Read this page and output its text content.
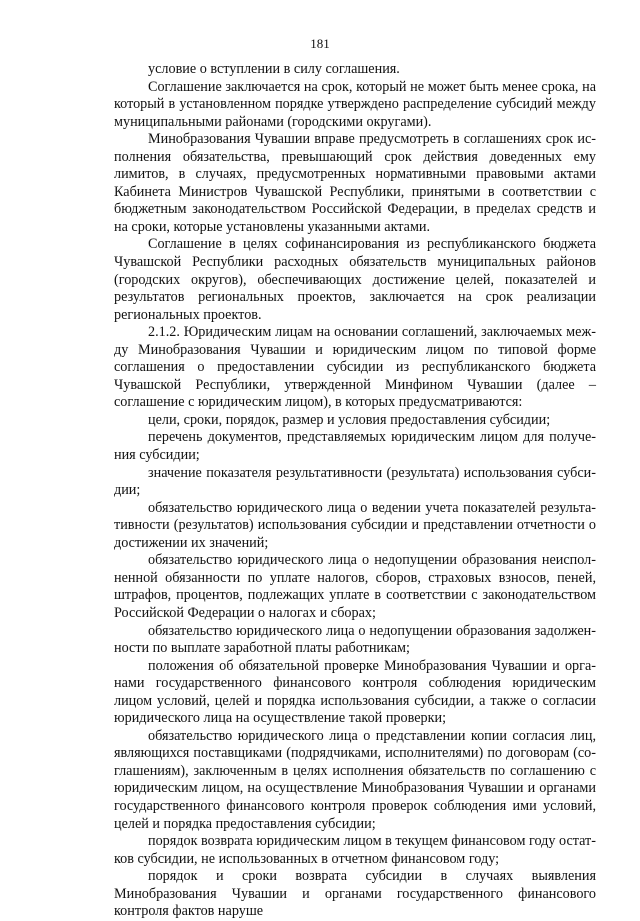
181

условие о вступлении в силу соглашения.

Соглашение заключается на срок, который не может быть менее срока, на который в установленном порядке утверждено распределение субсидий между муниципальными районами (городскими округами).

Минобразования Чувашии вправе предусмотреть в соглашениях срок исполнения обязательства, превышающий срок действия доведенных ему лимитов, в случаях, предусмотренных нормативными правовыми актами Кабинета Министров Чувашской Республики, принятыми в соответствии с бюджетным законодательством Российской Федерации, в пределах средств и на сроки, которые установлены указанными актами.

Соглашение в целях софинансирования из республиканского бюджета Чувашской Республики расходных обязательств муниципальных районов (городских округов), обеспечивающих достижение целей, показателей и результатов региональных проектов, заключается на срок реализации региональных проектов.

2.1.2. Юридическим лицам на основании соглашений, заключаемых между Минобразования Чувашии и юридическим лицом по типовой форме соглашения о предоставлении субсидии из республиканского бюджета Чувашской Республики, утвержденной Минфином Чувашии (далее – соглашение с юридическим лицом), в которых предусматриваются:

цели, сроки, порядок, размер и условия предоставления субсидии;

перечень документов, представляемых юридическим лицом для получения субсидии;

значение показателя результативности (результата) использования субсидии;

обязательство юридического лица о ведении учета показателей результативности (результатов) использования субсидии и представлении отчетности о достижении их значений;

обязательство юридического лица о недопущении образования неисполненной обязанности по уплате налогов, сборов, страховых взносов, пеней, штрафов, процентов, подлежащих уплате в соответствии с законодательством Российской Федерации о налогах и сборах;

обязательство юридического лица о недопущении образования задолженности по выплате заработной платы работникам;

положения об обязательной проверке Минобразования Чувашии и органами государственного финансового контроля соблюдения юридическим лицом условий, целей и порядка использования субсидии, а также о согласии юридического лица на осуществление такой проверки;

обязательство юридического лица о представлении копии согласия лиц, являющихся поставщиками (подрядчиками, исполнителями) по договорам (соглашениям), заключенным в целях исполнения обязательств по соглашению с юридическим лицом, на осуществление Минобразования Чувашии и органами государственного финансового контроля проверок соблюдения ими условий, целей и порядка предоставления субсидии;

порядок возврата юридическим лицом в текущем финансовом году остатков субсидии, не использованных в отчетном финансовом году;

порядок и сроки возврата субсидии в случаях выявления Минобразования Чувашии и органами государственного финансового контроля фактов наруше
